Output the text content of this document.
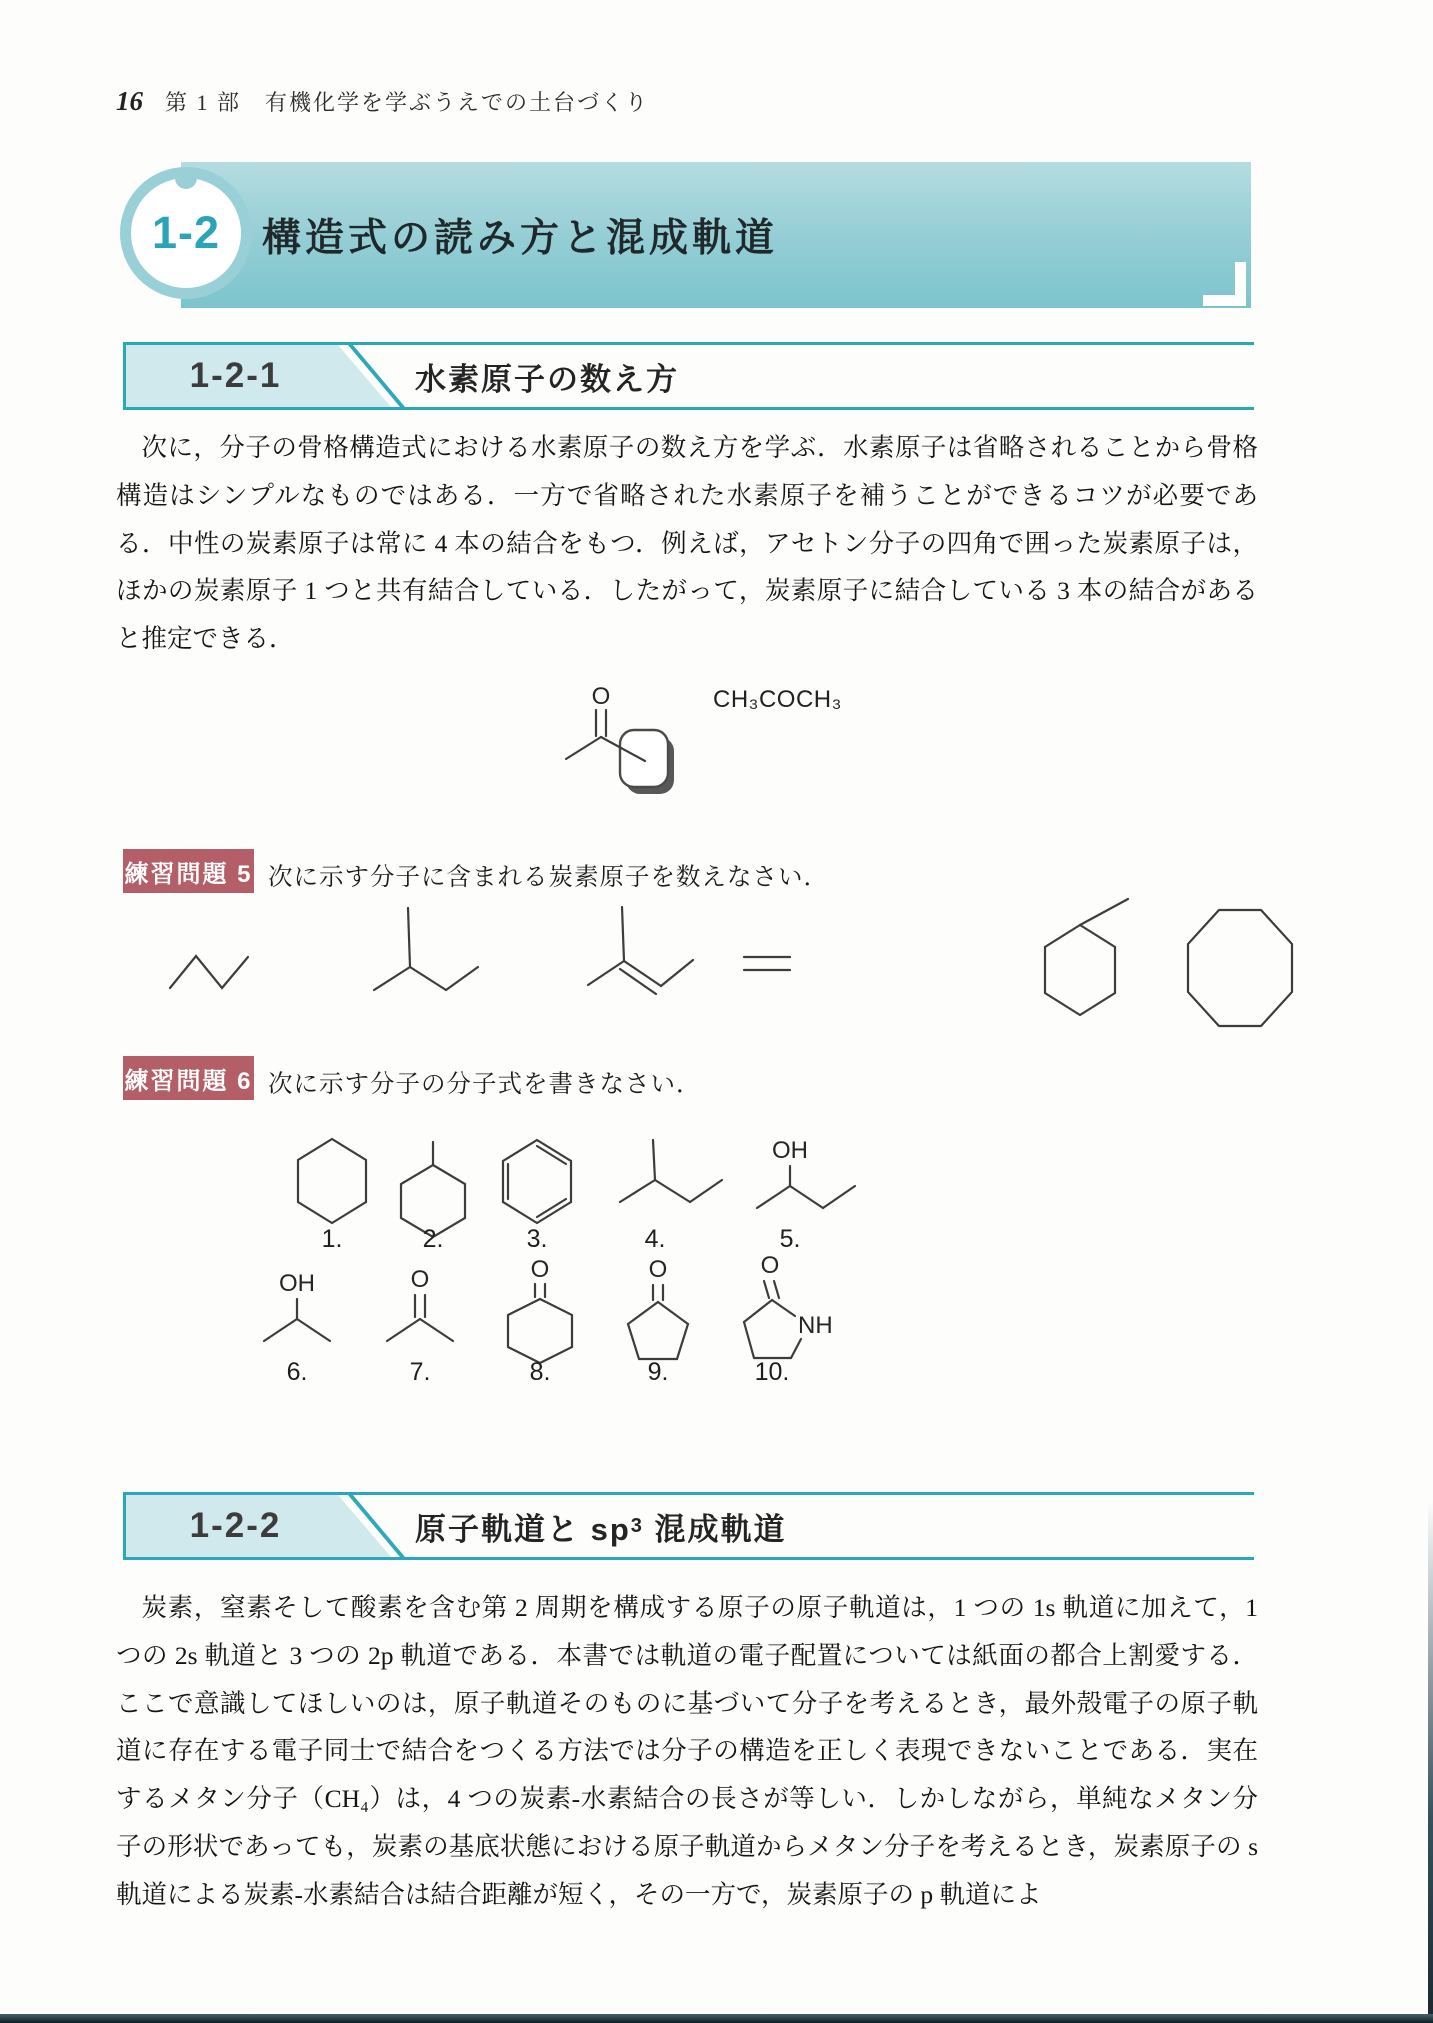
16 第 1 部　有機化学を学ぶうえでの土台づくり
構造式の読み方と混成軌道
1-2
1-2-1	水素原子の数え方
次に，分子の骨格構造式における水素原子の数え方を学ぶ．水素原子は省略されることから骨格構造はシンプルなものではある．一方で省略された水素原子を補うことができるコツが必要である．中性の炭素原子は常に 4 本の結合をもつ．例えば，アセトン分子の四角で囲った炭素原子は，ほかの炭素原子 1 つと共有結合している．したがって，炭素原子に結合している 3 本の結合があると推定できる．
O	CH₃COCH₃
練習問題 5 次に示す分子に含まれる炭素原子を数えなさい．
練習問題 6 次に示す分子の分子式を書きなさい．
OH
1.	2.	3.	4.	5.
OH	O	O	O	O
NH
6.	7.	8.	9.	10.
1-2-2	原子軌道と sp 3 混成軌道
炭素，窒素そして酸素を含む第 2 周期を構成する原子の原子軌道は，1 つの 1s 軌道に加えて，1 つの 2s 軌道と 3 つの 2p 軌道である．本書では軌道の電子配置については紙面の都合上割愛する．ここで意識してほしいのは，原子軌道そのものに基づいて分子を考えるとき，最外殻電子の原子軌道に存在する電子同士で結合をつくる方法では分子の構造を正しく表現できないことである．実在するメタン分子（CH₄）は，4 つの炭素-水素結合の長さが等しい．しかしながら，単純なメタン分子の形状であっても，炭素の基底状態における原子軌道からメタン分子を考えるとき，炭素原子の s 軌道による炭素-水素結合は結合距離が短く，その一方で，炭素原子の p 軌道によ
